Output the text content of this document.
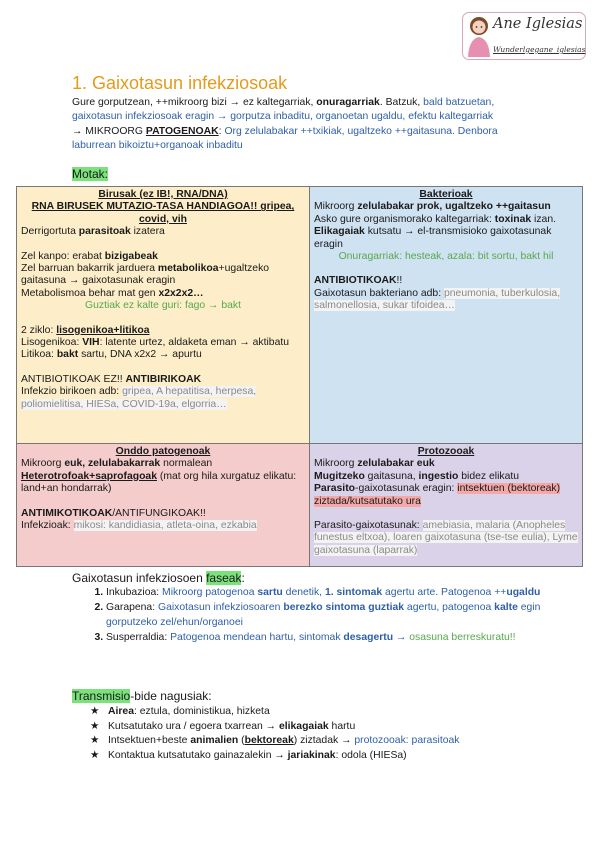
Ane Iglesias
Wunderlgegane_iglesias
1. Gaixotasun infekziosoak
Gure gorputzean, ++mikroorg bizi → ez kaltegarriak, onuragarriak. Batzuk, bald batzuetan, gaixotasun infekziosoak eragin → gorputza inbaditu, organoetan ugaldu, efektu kaltegarriak
→ MIKROORG PATOGENOAK: Org zelulabakar ++txikiak, ugaltzeko ++gaitasuna. Denbora laburrean bikoiztu+organoak inbaditu
Motak:
Birusak (ez IB!, RNA/DNA)
RNA BIRUSEK MUTAZIO-TASA HANDIAGOA!! gripea, covid, vih
Derrigortuta parasitoak izatera
Zel kanpo: erabat bizigabeak
Zel barruan bakarrik jarduera metabolikoa+ugaltzeko gaitasuna → gaixotasunak eragin
Metabolismoa behar mat gen x2x2x2…
Guztiak ez kalte guri: fago → bakt
2 ziklo: lisogenikoa+litikoa
Lisogenikoa: VIH: latente urtez, aldaketa eman → aktibatu
Litikoa: bakt sartu, DNA x2x2 → apurtu
ANTIBIOTIKOAK EZ!! ANTIBIRIKOAK
Infekzio birikoen adb: gripea, A hepatitisa, herpesa, poliomielitisa, HIESa, COVID-19a, elgorria…
Bakterioak
Mikroorg zelulabakar prok, ugaltzeko ++gaitasun
Asko gure organismorako kaltegarriak: toxinak izan.
Elikagaiak kutsatu → el-transmisioko gaixotasunak eragin
Onuragarriak: hesteak, azala: bit sortu, bakt hil
ANTIBIOTIKOAK!!
Gaixotasun bakteriano adb: pneumonia, tuberkulosia, salmonellosia, sukar tifoidea…
Onddo patogenoak
Mikroorg euk, zelulabakarrak normalean
Heterotrofoak+saprofagoak (mat org hila xurgatuz elikatu: land+an hondarrak)
ANTIMIKOTIKOAK/ANTIFUNGIKOAK!!
Infekzioak: mikosi: kandidiasia, atleta-oina, ezkabia
Protozooak
Mikroorg zelulabakar euk
Mugitzeko gaitasuna, ingestio bidez elikatu
Parasito-gaixotasunak eragin: intsektuen (bektoreak) ziztada/kutsatutako ura
Parasito-gaixotasunak: amebiasia, malaria (Anopheles funestus eltxoa), loaren gaixotasuna (tse-tse eulia), Lyme gaixotasuna (laparrak)
Gaixotasun infekziosoen faseak:
1. Inkubazioa: Mikroorg patogenoa sartu denetik, 1. sintomak agertu arte. Patogenoa ++ugaldu
2. Garapena: Gaixotasun infekziosoaren berezko sintoma guztiak agertu, patogenoa kalte egin gorputzeko zel/ehun/organoei
3. Susperraldia: Patogenoa mendean hartu, sintomak desagertu → osasuna berreskuratu!!
Transmisio-bide nagusiak:
★ Airea: eztula, doministikua, hizketa
★ Kutsatutako ura / egoera txarrean → elikagaiak hartu
★ Intsektuen+beste animalien (bektoreak) ziztadak → protozooak: parasitoak
★ Kontaktua kutsatutako gainazalekin → jariakinak: odola (HIESa)
